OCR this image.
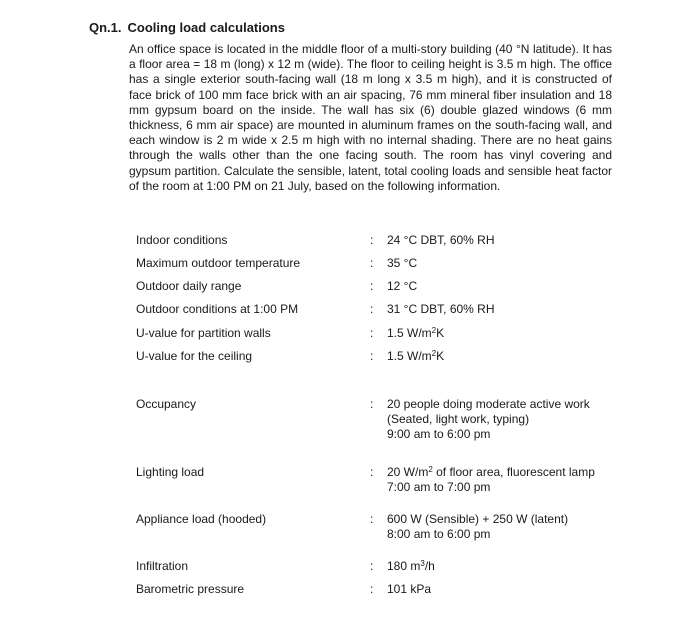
Qn.1. Cooling load calculations
An office space is located in the middle floor of a multi-story building (40 °N latitude). It has a floor area = 18 m (long) x 12 m (wide). The floor to ceiling height is 3.5 m high. The office has a single exterior south-facing wall (18 m long x 3.5 m high), and it is constructed of face brick of 100 mm face brick with an air spacing, 76 mm mineral fiber insulation and 18 mm gypsum board on the inside. The wall has six (6) double glazed windows (6 mm thickness, 6 mm air space) are mounted in aluminum frames on the south-facing wall, and each window is 2 m wide x 2.5 m high with no internal shading. There are no heat gains through the walls other than the one facing south. The room has vinyl covering and gypsum partition. Calculate the sensible, latent, total cooling loads and sensible heat factor of the room at 1:00 PM on 21 July, based on the following information.
Indoor conditions	: 24 °C DBT, 60% RH
Maximum outdoor temperature	: 35 °C
Outdoor daily range	: 12 °C
Outdoor conditions at 1:00 PM	: 31 °C DBT, 60% RH
U-value for partition walls	: 1.5 $W/m^2K$
U-value for the ceiling	: 1.5 $W/m^2K$
Occupancy	: 20 people doing moderate active work
(Seated, light work, typing)
9:00 am to 6:00 pm
Lighting load	: 20 $W/m^2$ of floor area, fluorescent lamp
7:00 am to 7:00 pm
Appliance load (hooded)	: 600 W (Sensible) + 250 W (latent)
8:00 am to 6:00 pm
Infiltration	: 180 $m^3/h$
Barometric pressure	: 101 kPa
